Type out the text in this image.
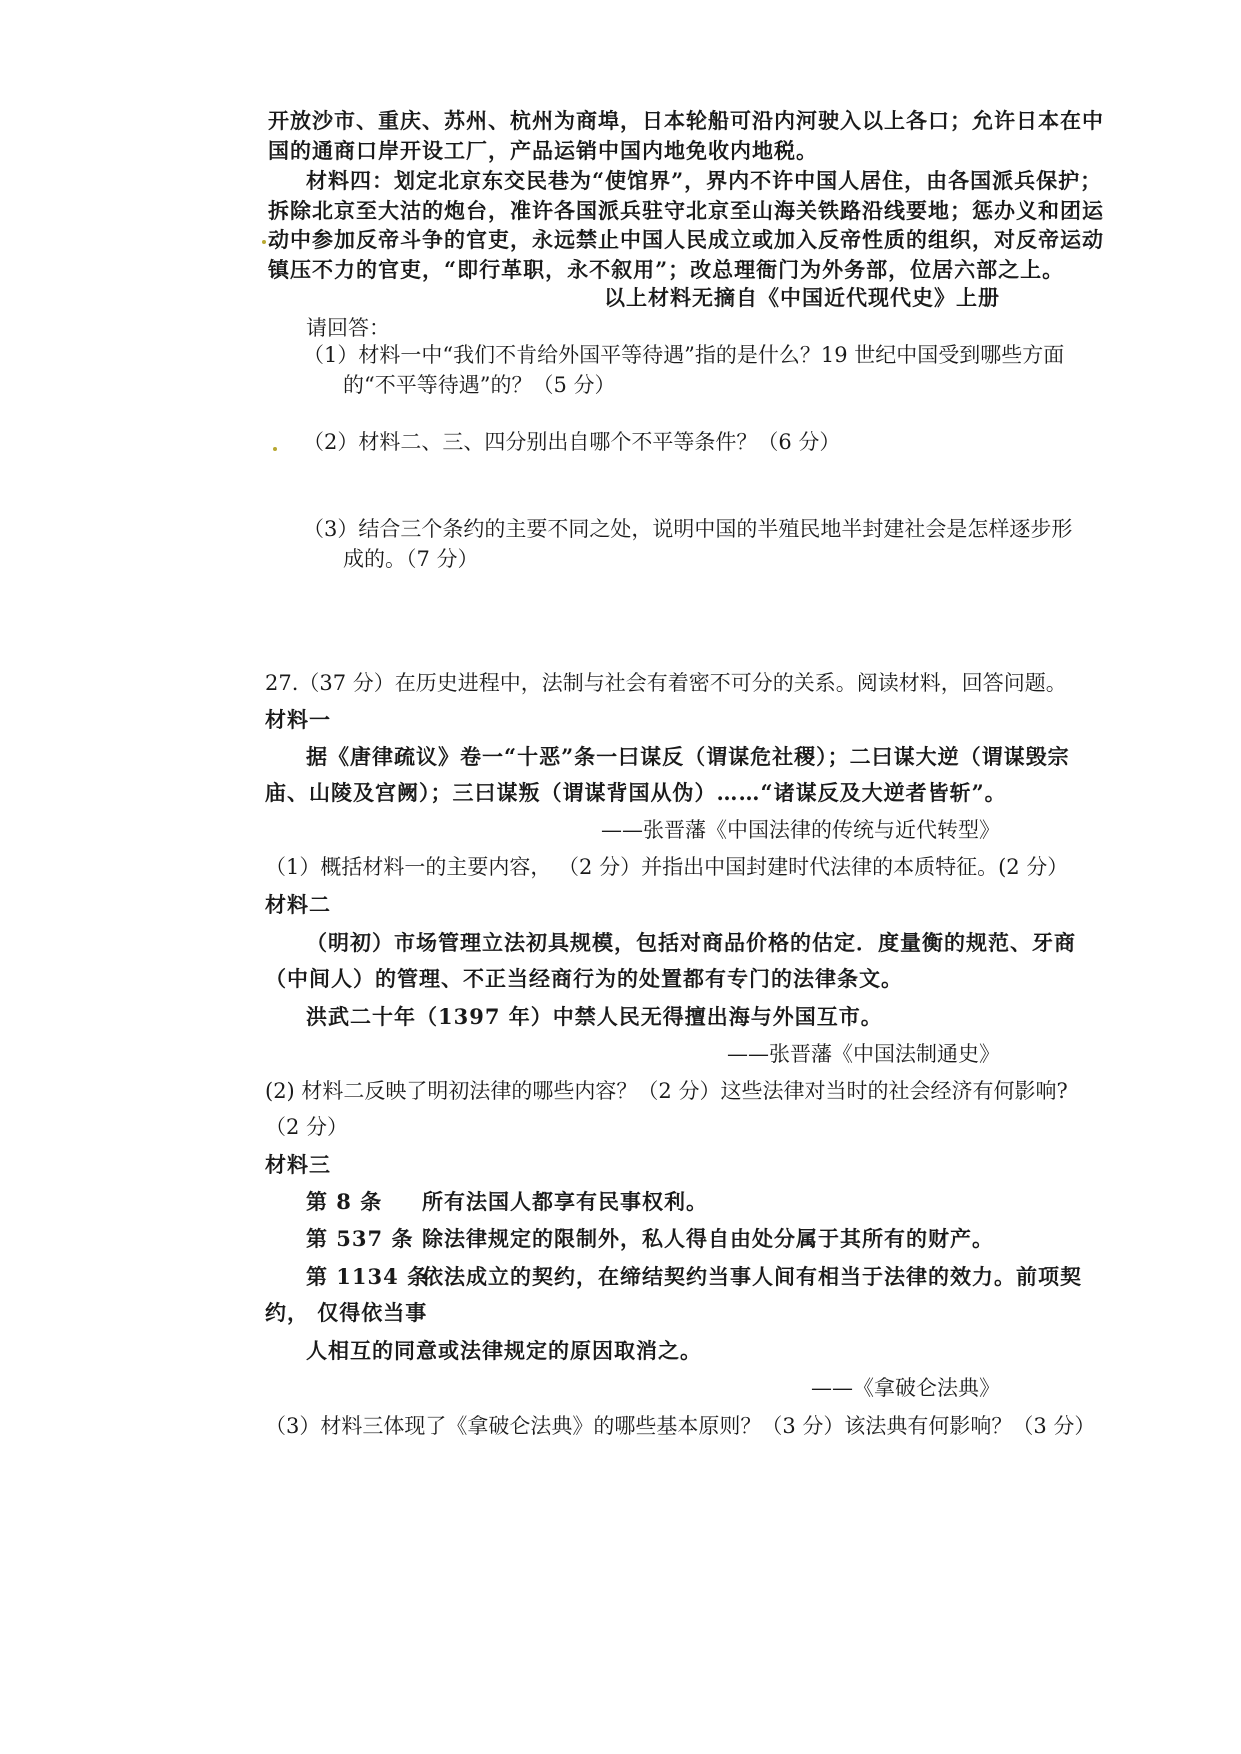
开放沙市、重庆、苏州、杭州为商埠，日本轮船可沿内河驶入以上各口；允许日本在中
国的通商口岸开设工厂，产品运销中国内地免收内地税。
材料四：划定北京东交民巷为“使馆界”，界内不许中国人居住，由各国派兵保护；
拆除北京至大沽的炮台，准许各国派兵驻守北京至山海关铁路沿线要地；惩办义和团运
动中参加反帝斗争的官吏，永远禁止中国人民成立或加入反帝性质的组织，对反帝运动
镇压不力的官吏，“即行革职，永不叙用”；改总理衙门为外务部，位居六部之上。
以上材料无摘自《中国近代现代史》上册
请回答：
（1）材料一中“我们不肯给外国平等待遇”指的是什么？19 世纪中国受到哪些方面
的“不平等待遇”的？（5 分）
（2）材料二、三、四分别出自哪个不平等条件？（6 分）
（3）结合三个条约的主要不同之处，说明中国的半殖民地半封建社会是怎样逐步形
成的。（7 分）
27.（37 分）在历史进程中，法制与社会有着密不可分的关系。阅读材料，回答问题。
材料一
据《唐律疏议》卷一“十恶”条一曰谋反（谓谋危社稷）；二曰谋大逆（谓谋毁宗
庙、山陵及宫阙）；三曰谋叛（谓谋背国从伪）……“诸谋反及大逆者皆斩”。
——张晋藩《中国法律的传统与近代转型》
（1）概括材料一的主要内容， （2 分）并指出中国封建时代法律的本质特征。(2 分）
材料二
（明初）市场管理立法初具规模，包括对商品价格的估定．度量衡的规范、牙商
（中间人）的管理、不正当经商行为的处置都有专门的法律条文。
洪武二十年（1397 年）中禁人民无得擅出海与外国互市。
——张晋藩《中国法制通史》
(2) 材料二反映了明初法律的哪些内容？（2 分）这些法律对当时的社会经济有何影响?
（2 分）
材料三
第 8 条 所有法国人都享有民事权利。
第 537 条 除法律规定的限制外，私人得自由处分属于其所有的财产。
第 1134 条
依法成立的契约，在缔结契约当事人间有相当于法律的效力。前项契
约， 仅得依当事
人相互的同意或法律规定的原因取消之。
——《拿破仑法典》
（3）材料三体现了《拿破仑法典》的哪些基本原则？（3 分）该法典有何影响？（3 分）
